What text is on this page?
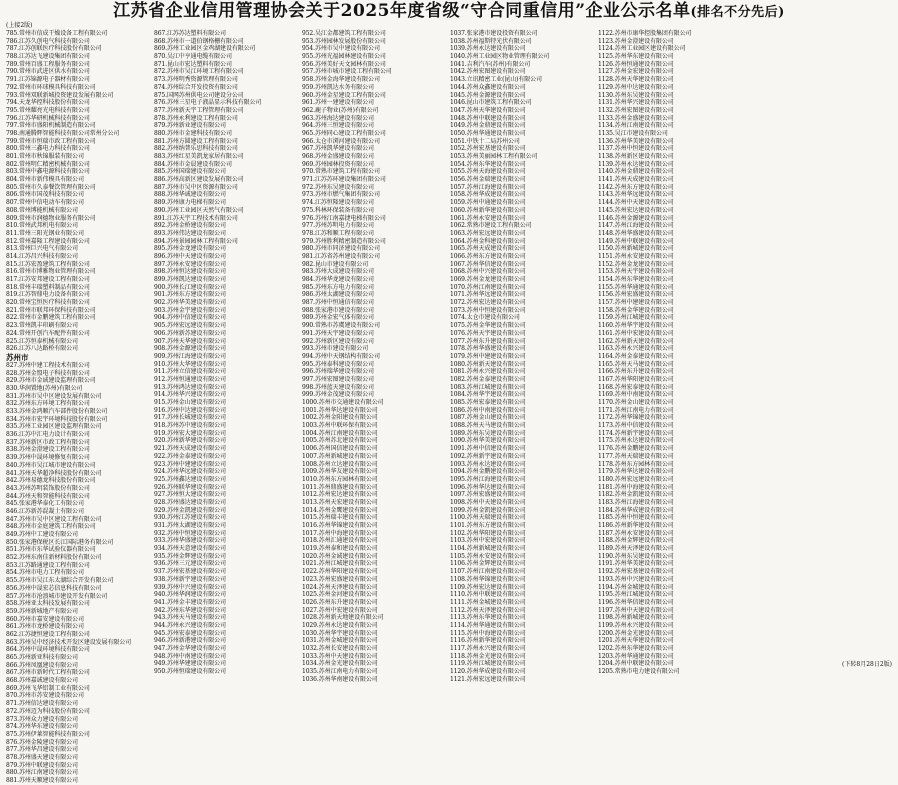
江苏省企业信用管理协会关于2025年度省级“守合同重信用”企业公示名单(排名不分先后)
(上接2版)
785.常州市信成干燥设备工程有限公司
786.江苏久创电气科技有限公司
787.江苏创联医疗科技股份有限公司
788.江苏达飞建设集团有限公司
789.常州百盛工程服务有限公司
790.常州市武进区供水有限公司
791.江苏锦源电子器材有限公司
792.常州市环球模具科技有限公司
793.常州双联新城投资建设发展有限公司
794.天龙华控科技股份有限公司
795.常州耀亮光电科技有限公司
796.江苏华研机械科技有限公司
797.常州市盛阳机械制造有限公司
798.南通腾辉智能科技有限公司常州分公司
799.常州市恒瑞市政工程有限公司
800.常州三鑫电力科技有限公司
801.常州市秋锦服装有限公司
802.常州明仁精密机械有限公司
803.常州中鑫电源科技有限公司
804.常州市新伟模具有限公司
805.常州市久泰餐饮管理有限公司
806.常州市国茂科技有限公司
807.常州中信电动车有限公司
808.常州博能机械有限公司
809.常州市润德物业服务有限公司
810.常州武邦机电有限公司
811.常州三阳光钢业有限公司
812.常州嘉隆工程建设有限公司
813.常州巨兴电气有限公司
814.江苏昌兴科技有限公司
815.江苏宏盈建筑工程有限公司
816.常州市博雅物业管理有限公司
817.江苏安邦建设工程有限公司
818.常州丰瑞塑料制品有限公司
819.江苏智鼎电力设备有限公司
820.常州宝恒医疗科技有限公司
821.常州市联邦环保科技有限公司
822.常州市金鹏建筑工程有限公司
823.常州凯丰印刷有限公司
824.常州开创汽车配件有限公司
825.江苏恒泰机械有限公司
826.江苏八达路桥有限公司
苏州市
827.苏州中建工程技术有限公司
828.苏州金盟电子科技有限公司
829.苏州市金诚建设监理有限公司
830.华润置地(苏州)有限公司
831.苏州市吴中区建设发展有限公司
832.苏州东方环境工程有限公司
833.苏州金鸿顺汽车部件股份有限公司
834.苏州市宏宇环境科技股份有限公司
835.苏州工业园区建设监理有限公司
836.江苏中汇电力设计有限公司
837.苏州新区市政工程有限公司
838.苏州金澄建设工程有限公司
839.苏州中晟环境修复有限公司
840.苏州市吴江城市建设有限公司
841.苏州天华超净科技股份有限公司
842.苏州易德龙科技股份有限公司
843.苏州苏明装饰股份有限公司
844.苏州天和智能科技有限公司
845.张家港华泰化工有限公司
846.江苏新苏混凝土有限公司
847.苏州市吴中区建设工程有限公司
848.苏州市金庭建筑工程有限公司
849.苏州中工建设有限公司
850.张家港保税区长江国际港务有限公司
851.苏州市东华试验仪器有限公司
852.苏州东南佳新材料股份有限公司
853.江苏路通建设工程有限公司
854.苏州市电力工程有限公司
855.苏州市吴江东太湖综合开发有限公司
856.苏州中晟宏芯信息科技有限公司
857.苏州市沧浪城市建设开发有限公司
858.苏州亚太科技发展有限公司
859.苏州新城地产有限公司
860.苏州市嘉安建设有限公司
861.苏州市龙桥建设有限公司
862.江苏捷恒建设工程有限公司
863.苏州吴中经济技术开发区建设发展有限公司
864.苏州中晟环境科技有限公司
865.苏州新亚科技有限公司
866.苏州凤凰建设有限公司
867.苏州市新时代工程有限公司
868.苏州嘉诚建设有限公司
869.苏州飞华铝制工业有限公司
870.苏州市苏安建设有限公司
871.苏州信达建设有限公司
872.苏州迈为科技股份有限公司
873.苏州众力建设有限公司
874.苏州华东建设有限公司
875.苏州伊莱智能科技有限公司
876.苏州金陵建设有限公司
877.苏州华昌建设有限公司
878.苏州盛天建设有限公司
879.苏州中联建设有限公司
880.苏州江南建设有限公司
881.苏州天顺建设有限公司
867.江苏苏达塑料有限公司
868.苏州市一道伯钢格栅有限公司
869.苏州工业园区金鸡湖建设有限公司
870.吴江中亨通电缆有限公司
871.昆山市宏达塑料有限公司
872.苏州市吴江环境工程有限公司
873.苏州明秀资源管理有限公司
874.苏州综合开发投资有限公司
875.国网苏州供电公司建设分公司
876.苏州三星电子液晶显示科技有限公司
877.苏州新天宇工程管理有限公司
878.苏州永利建设工程有限公司
879.苏州新业建设有限公司
880.苏州市金建科技有限公司
881.苏州方圆建设工程有限公司
882.苏州纳普乐思科技有限公司
883.苏州红星美凯龙家居有限公司
884.苏州市金晨建设有限公司
885.苏州国瑞建设有限公司
886.苏州高新区建设发展有限公司
887.苏州市吴中区资源有限公司
888.苏州华诚建设有限公司
889.苏州康力电梯有限公司
890.苏州工业园区天然气有限公司
891.江苏天宇工程技术有限公司
892.苏州金桥建设有限公司
893.苏州伟达建设有限公司
894.苏州景园园林工程有限公司
895.苏州金龙建设有限公司
896.苏州中天建设有限公司
897.苏州永安建设有限公司
898.苏州恒达建设有限公司
899.苏州凯达建设有限公司
900.苏州长江建设有限公司
901.苏州东方建设有限公司
902.苏州华美建设有限公司
903.苏州金宇建设有限公司
904.苏州中信建设有限公司
905.苏州宏远建设有限公司
906.苏州新苏建设有限公司
907.苏州天华建设有限公司
908.苏州金源建设有限公司
909.苏州江海建设有限公司
910.苏州大华建设有限公司
911.苏州立信建设有限公司
912.苏州恒通建设有限公司
913.苏州鸿达建设有限公司
914.苏州华兴建设有限公司
915.苏州金山建设有限公司
916.苏州中达建设有限公司
917.苏州长城建设有限公司
918.苏州苏中建设有限公司
919.苏州宏大建设有限公司
920.苏州新华建设有限公司
921.苏州天成建设有限公司
922.苏州金泰建设有限公司
923.苏州中建建设有限公司
924.苏州华远建设有限公司
925.苏州鑫达建设有限公司
926.苏州联华建设有限公司
927.苏州恒大建设有限公司
928.苏州盛达建设有限公司
929.苏州金凯建设有限公司
930.苏州江苏建设有限公司
931.苏州太湖建设有限公司
932.苏州中恒建设有限公司
933.苏州华盛建设有限公司
934.苏州天意建设有限公司
935.苏州金辉建设有限公司
936.苏州三元建设有限公司
937.苏州宏基建设有限公司
938.苏州新宇建设有限公司
939.苏州中兴建设有限公司
940.苏州华润建设有限公司
941.苏州金丰建设有限公司
942.苏州东华建设有限公司
943.苏州天马建设有限公司
944.苏州永兴建设有限公司
945.苏州宏泰建设有限公司
946.苏州新港建设有限公司
947.苏州金华建设有限公司
948.苏州中南建设有限公司
949.苏州华建建设有限公司
950.苏州恒瑞建设有限公司
952.吴江金都建筑工程有限公司
953.苏州园林发展股份有限公司
954.苏州市吴中建设有限公司
955.苏州光福园林建设有限公司
956.苏州美好天文园林有限公司
957.苏州市城市建设工程有限公司
958.苏州金海华建设有限公司
959.苏州凯达水务有限公司
960.苏州金星建设工程有限公司
961.苏州一建建设有限公司
962.鹿子物业(苏州)有限公司
963.苏州海达建设有限公司
964.苏州三恒建设有限公司
965.苏州同心建设工程有限公司
966.太仓市浏河建设有限公司
967.苏州凯华建设有限公司
968.苏州金盛建设有限公司
969.苏州园林投资有限公司
970.常熟市建筑工程有限公司
971.江苏苏环建设集团有限公司
972.苏州东吴建设有限公司
973.苏州市燃气集团有限公司
974.江苏恒隆建设有限公司
975.科林环保装备有限公司
976.苏州江南嘉捷电梯有限公司
977.苏州苏明电力有限公司
978.江苏和顺工程有限公司
979.苏州胜利精密制造有限公司
980.苏州市同济建设有限公司
981.江苏省苏州建设有限公司
982.昆山市建设有限公司
983.苏州大成建设有限公司
984.苏州华龙建设有限公司
985.苏州东方电力有限公司
986.苏州太湖建设有限公司
987.苏州中恒通信有限公司
988.张家港市建设有限公司
989.苏州金宏气体有限公司
990.常熟市苏虞建设有限公司
991.苏州天宇建设有限公司
992.苏州新区建设有限公司
993.苏州市建设有限公司
994.苏州中天钢结构有限公司
995.苏州泰科建设有限公司
996.苏州瑞华建设有限公司
997.苏州宏图建设有限公司
998.苏州蓝天建设有限公司
999.苏州金茂建设有限公司
1000.苏州市交通建设有限公司
1001.苏州华达建设有限公司
1002.苏州金阳建设有限公司
1003.苏州中联环保有限公司
1004.苏州江南建设有限公司
1005.苏州苏北建设有限公司
1006.苏州国信建设有限公司
1007.苏州新城建设有限公司
1008.苏州立达建设有限公司
1009.苏州华友建设有限公司
1010.苏州东方园林有限公司
1011.苏州鼎盛建设有限公司
1012.苏州宏达建设有限公司
1013.苏州天宏建设有限公司
1014.苏州金鹰建设有限公司
1015.苏州瑞丰建设有限公司
1016.苏州华锦建设有限公司
1017.苏州中海建设有限公司
1018.苏州汇通建设有限公司
1019.苏州泰和建设有限公司
1020.苏州金诚建设有限公司
1021.苏州江城建设有限公司
1022.苏州华阳建设有限公司
1023.苏州宏盛建设有限公司
1024.苏州天泽建设有限公司
1025.苏州金河建设有限公司
1026.苏州东升建设有限公司
1027.苏州中宏建设有限公司
1028.苏州新天地建设有限公司
1029.苏州永达建设有限公司
1030.苏州华宇建设有限公司
1031.苏州金城建设有限公司
1032.苏州长安建设有限公司
1033.苏州中天建设有限公司
1034.苏州金光建设有限公司
1035.苏州江南电力有限公司
1036.苏州华南建设有限公司
1037.张家港市建设投资有限公司
1038.苏州福斯特光伏有限公司
1039.苏州永达建设有限公司
1040.苏州工业园区物业管理有限公司
1041.吉利汽车(苏州)有限公司
1042.苏州宏图建设有限公司
1043.立讯精密工业(昆山)有限公司
1044.苏州众鑫建设有限公司
1045.苏州金源建设有限公司
1046.昆山市建筑工程有限公司
1047.苏州天华建设有限公司
1048.苏州中联建设有限公司
1049.苏州金鼎建设有限公司
1050.苏州华通建设有限公司
1051.中铁十二局苏州公司
1052.苏州宏基建设有限公司
1053.苏州美丽园林工程有限公司
1054.苏州东华建设有限公司
1055.苏州天海建设有限公司
1056.苏州金瑞建设有限公司
1057.苏州江海建设有限公司
1058.苏州华成建设有限公司
1059.苏州中通建设有限公司
1060.苏州新华建设有限公司
1061.苏州永安建设有限公司
1062.常熟市建设工程有限公司
1063.苏州宏远建设有限公司
1064.苏州金科建设有限公司
1065.苏州天成建设有限公司
1066.苏州东方建设有限公司
1067.苏州华信建设有限公司
1068.苏州中兴建设有限公司
1069.苏州金龙建设有限公司
1070.苏州江南建设有限公司
1071.苏州华远建设有限公司
1072.苏州宏达建设有限公司
1073.苏州中恒建设有限公司
1074.太仓市建设有限公司
1075.苏州金华建设有限公司
1076.苏州天宇建设有限公司
1077.苏州东升建设有限公司
1078.苏州华盛建设有限公司
1079.苏州中建建设有限公司
1080.苏州新天建设有限公司
1081.苏州永兴建设有限公司
1082.苏州金泰建设有限公司
1083.苏州江城建设有限公司
1084.苏州华宇建设有限公司
1085.苏州宏泰建设有限公司
1086.苏州中南建设有限公司
1087.苏州金山建设有限公司
1088.苏州天马建设有限公司
1089.苏州东吴建设有限公司
1090.苏州华美建设有限公司
1091.苏州中信建设有限公司
1092.苏州新宇建设有限公司
1093.苏州永达建设有限公司
1094.苏州金鹏建设有限公司
1095.苏州江海建设有限公司
1096.苏州华达建设有限公司
1097.苏州宏盛建设有限公司
1098.苏州中天建设有限公司
1099.苏州金凯建设有限公司
1100.苏州天瑞建设有限公司
1101.苏州东方建设有限公司
1102.苏州华阳建设有限公司
1103.苏州中宏建设有限公司
1104.苏州新城建设有限公司
1105.苏州永安建设有限公司
1106.苏州金辉建设有限公司
1107.苏州江南建设有限公司
1108.苏州华锦建设有限公司
1109.苏州宏达建设有限公司
1110.苏州中联建设有限公司
1111.苏州金城建设有限公司
1112.苏州天泽建设有限公司
1113.苏州东华建设有限公司
1114.苏州华通建设有限公司
1115.苏州中海建设有限公司
1116.苏州新华建设有限公司
1117.苏州永兴建设有限公司
1118.苏州金光建设有限公司
1119.苏州江城建设有限公司
1120.苏州华成建设有限公司
1121.苏州宏远建设有限公司
1122.苏州市康华控股集团有限公司
1123.苏州金澄建设有限公司
1124.苏州工业园区建设有限公司
1125.苏州华东建设有限公司
1126.苏州恒通建设有限公司
1127.苏州金宏建设有限公司
1128.苏州天华建设有限公司
1129.苏州中达建设有限公司
1130.苏州东吴建设有限公司
1131.苏州华兴建设有限公司
1132.苏州宏图建设有限公司
1133.苏州金盛建设有限公司
1134.苏州江南建设有限公司
1135.吴江市建设有限公司
1136.苏州华美建设有限公司
1137.苏州中恒建设有限公司
1138.苏州新区建设有限公司
1139.苏州永达建设有限公司
1140.苏州金鼎建设有限公司
1141.苏州天成建设有限公司
1142.苏州东方建设有限公司
1143.苏州华远建设有限公司
1144.苏州中天建设有限公司
1145.苏州宏达建设有限公司
1146.苏州金源建设有限公司
1147.苏州江海建设有限公司
1148.苏州华盛建设有限公司
1149.苏州中联建设有限公司
1150.苏州新城建设有限公司
1151.苏州永安建设有限公司
1152.苏州金龙建设有限公司
1153.苏州天宇建设有限公司
1154.苏州东华建设有限公司
1155.苏州华通建设有限公司
1156.苏州宏盛建设有限公司
1157.苏州中建建设有限公司
1158.苏州金华建设有限公司
1159.苏州江城建设有限公司
1160.苏州华宇建设有限公司
1161.苏州中宏建设有限公司
1162.苏州新天建设有限公司
1163.苏州永兴建设有限公司
1164.苏州金泰建设有限公司
1165.苏州天马建设有限公司
1166.苏州东升建设有限公司
1167.苏州华阳建设有限公司
1168.苏州宏泰建设有限公司
1169.苏州中南建设有限公司
1170.苏州金山建设有限公司
1171.苏州江南电力有限公司
1172.苏州华锦建设有限公司
1173.苏州中信建设有限公司
1174.苏州新宇建设有限公司
1175.苏州永达建设有限公司
1176.苏州金鹏建设有限公司
1177.苏州天瑞建设有限公司
1178.苏州东方园林有限公司
1179.苏州华达建设有限公司
1180.苏州宏远建设有限公司
1181.苏州中海建设有限公司
1182.苏州金凯建设有限公司
1183.苏州江海建设有限公司
1184.苏州华成建设有限公司
1185.苏州中恒建设有限公司
1186.苏州新华建设有限公司
1187.苏州永安建设有限公司
1188.苏州金辉建设有限公司
1189.苏州天泽建设有限公司
1190.苏州东吴建设有限公司
1191.苏州华美建设有限公司
1192.苏州宏基建设有限公司
1193.苏州中兴建设有限公司
1194.苏州金城建设有限公司
1195.苏州江城建设有限公司
1196.苏州华信建设有限公司
1197.苏州中天建设有限公司
1198.苏州新城建设有限公司
1199.苏州永兴建设有限公司
1200.苏州金光建设有限公司
1201.苏州天华建设有限公司
1202.苏州东华建设有限公司
1203.苏州华通建设有限公司
1204.苏州中联建设有限公司
1205.常熟市电力建设有限公司
(下转8月28日2版)
